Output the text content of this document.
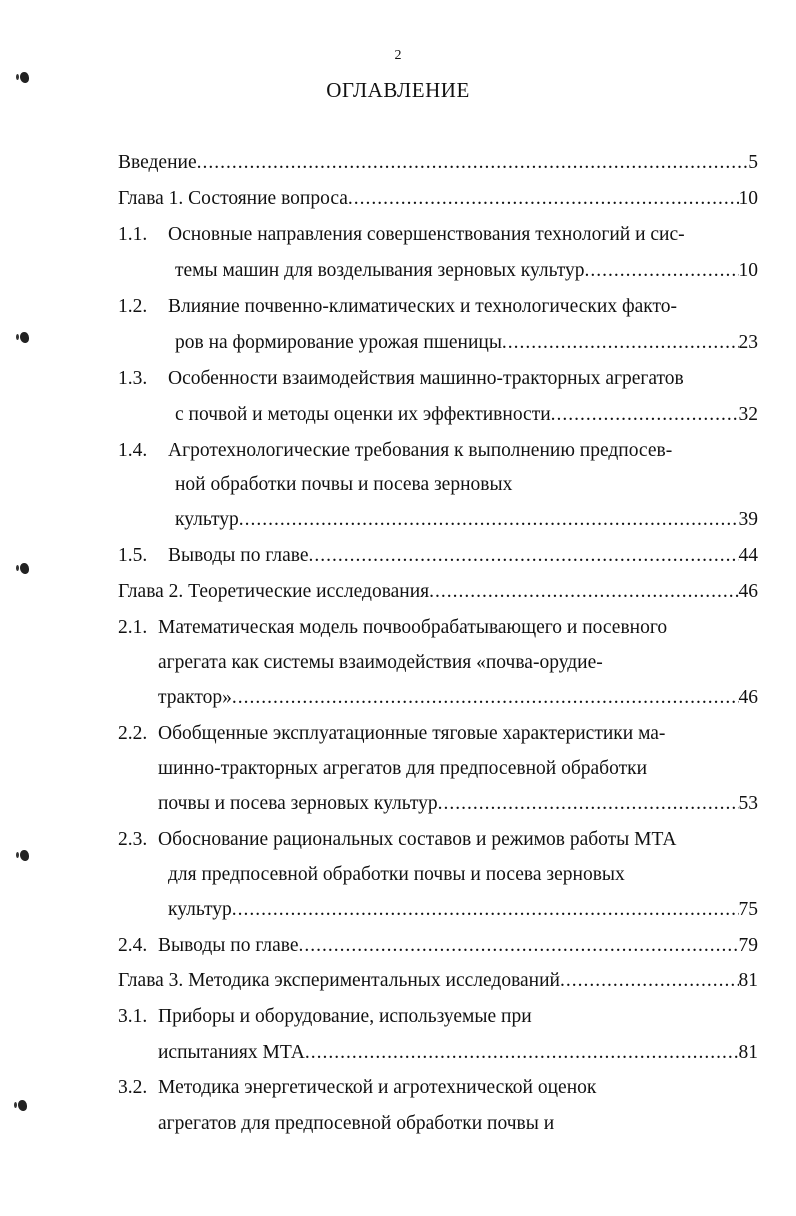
2
ОГЛАВЛЕНИЕ
Введение .....	5
Глава 1. Состояние вопроса .....	10
1.1. Основные направления совершенствования технологий и сис-
темы машин для возделывания зерновых культур .....	10
1.2. Влияние почвенно-климатических и технологических факто-
ров на формирование урожая пшеницы .....	23
1.3. Особенности взаимодействия машинно-тракторных агрегатов
с почвой и методы оценки их эффективности .....	32
1.4. Агротехнологические требования к выполнению предпосев-
ной обработки почвы и посева зерновых
культур .....	39
1.5. Выводы по главе .....	44
Глава 2. Теоретические исследования .....	46
2.1. Математическая модель почвообрабатывающего и посевного
агрегата как системы взаимодействия «почва-орудие-
трактор» .....	46
2.2. Обобщенные эксплуатационные тяговые характеристики ма-
шинно-тракторных агрегатов для предпосевной обработки
почвы и посева зерновых культур .....	53
2.3. Обоснование рациональных составов и режимов работы МТА
для предпосевной обработки почвы и посева зерновых
культур .....	75
2.4. Выводы по главе .....	79
Глава 3. Методика экспериментальных исследований .....	81
3.1. Приборы и оборудование, используемые при
испытаниях МТА .....	81
3.2. Методика энергетической и агротехнической оценок
агрегатов для предпосевной обработки почвы и
